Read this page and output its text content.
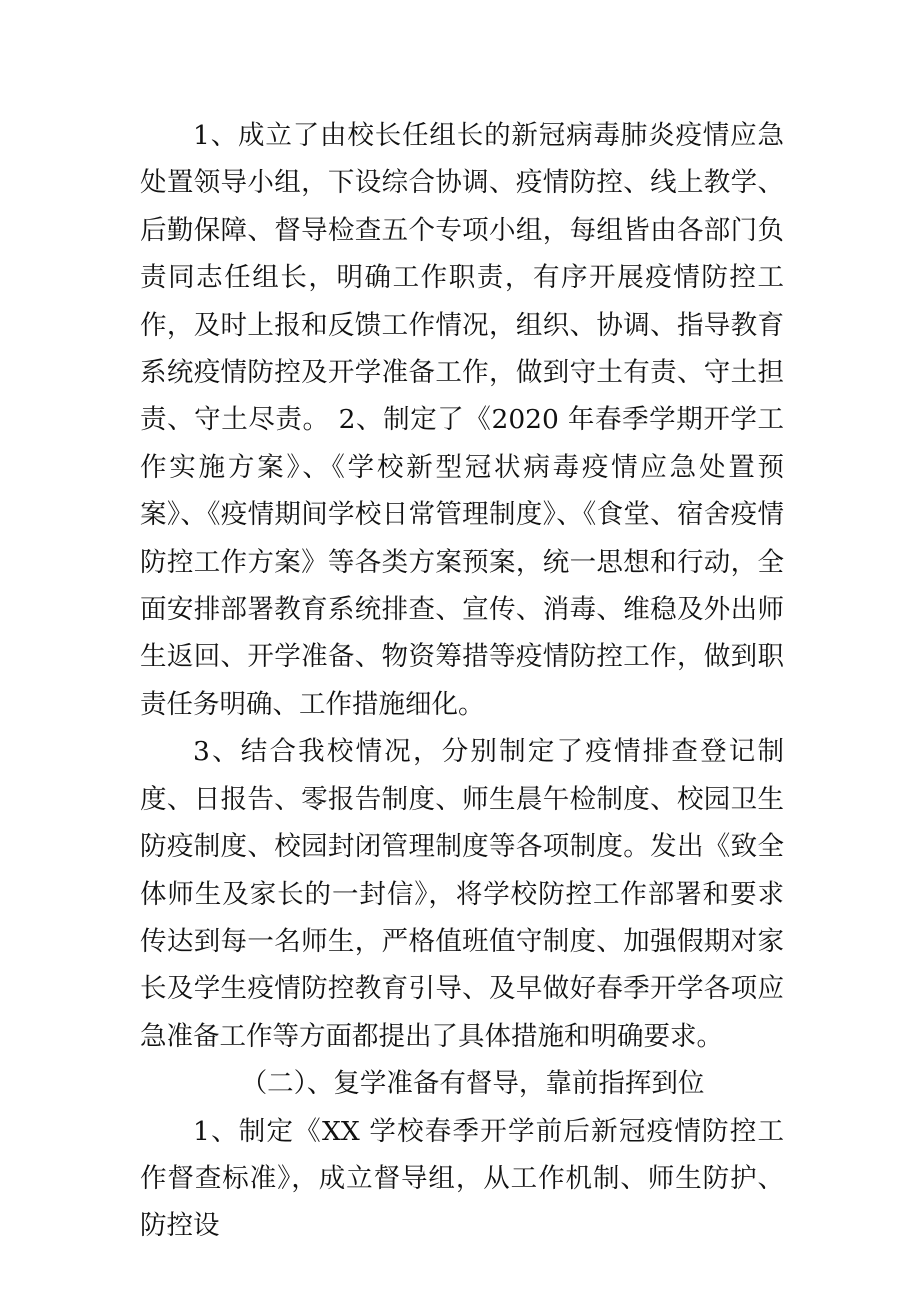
1、成立了由校长任组长的新冠病毒肺炎疫情应急处置领导小组，下设综合协调、疫情防控、线上教学、后勤保障、督导检查五个专项小组，每组皆由各部门负责同志任组长，明确工作职责，有序开展疫情防控工作，及时上报和反馈工作情况，组织、协调、指导教育系统疫情防控及开学准备工作，做到守土有责、守土担责、守土尽责。 2、制定了《2020 年春季学期开学工作实施方案》、《学校新型冠状病毒疫情应急处置预案》、《疫情期间学校日常管理制度》、《食堂、宿舍疫情防控工作方案》等各类方案预案，统一思想和行动，全面安排部署教育系统排查、宣传、消毒、维稳及外出师生返回、开学准备、物资筹措等疫情防控工作，做到职责任务明确、工作措施细化。

3、结合我校情况，分别制定了疫情排查登记制度、日报告、零报告制度、师生晨午检制度、校园卫生防疫制度、校园封闭管理制度等各项制度。发出《致全体师生及家长的一封信》，将学校防控工作部署和要求传达到每一名师生，严格值班值守制度、加强假期对家长及学生疫情防控教育引导、及早做好春季开学各项应急准备工作等方面都提出了具体措施和明确要求。

（二）、复学准备有督导，靠前指挥到位

1、制定《XX 学校春季开学前后新冠疫情防控工作督查标准》，成立督导组，从工作机制、师生防护、防控设
